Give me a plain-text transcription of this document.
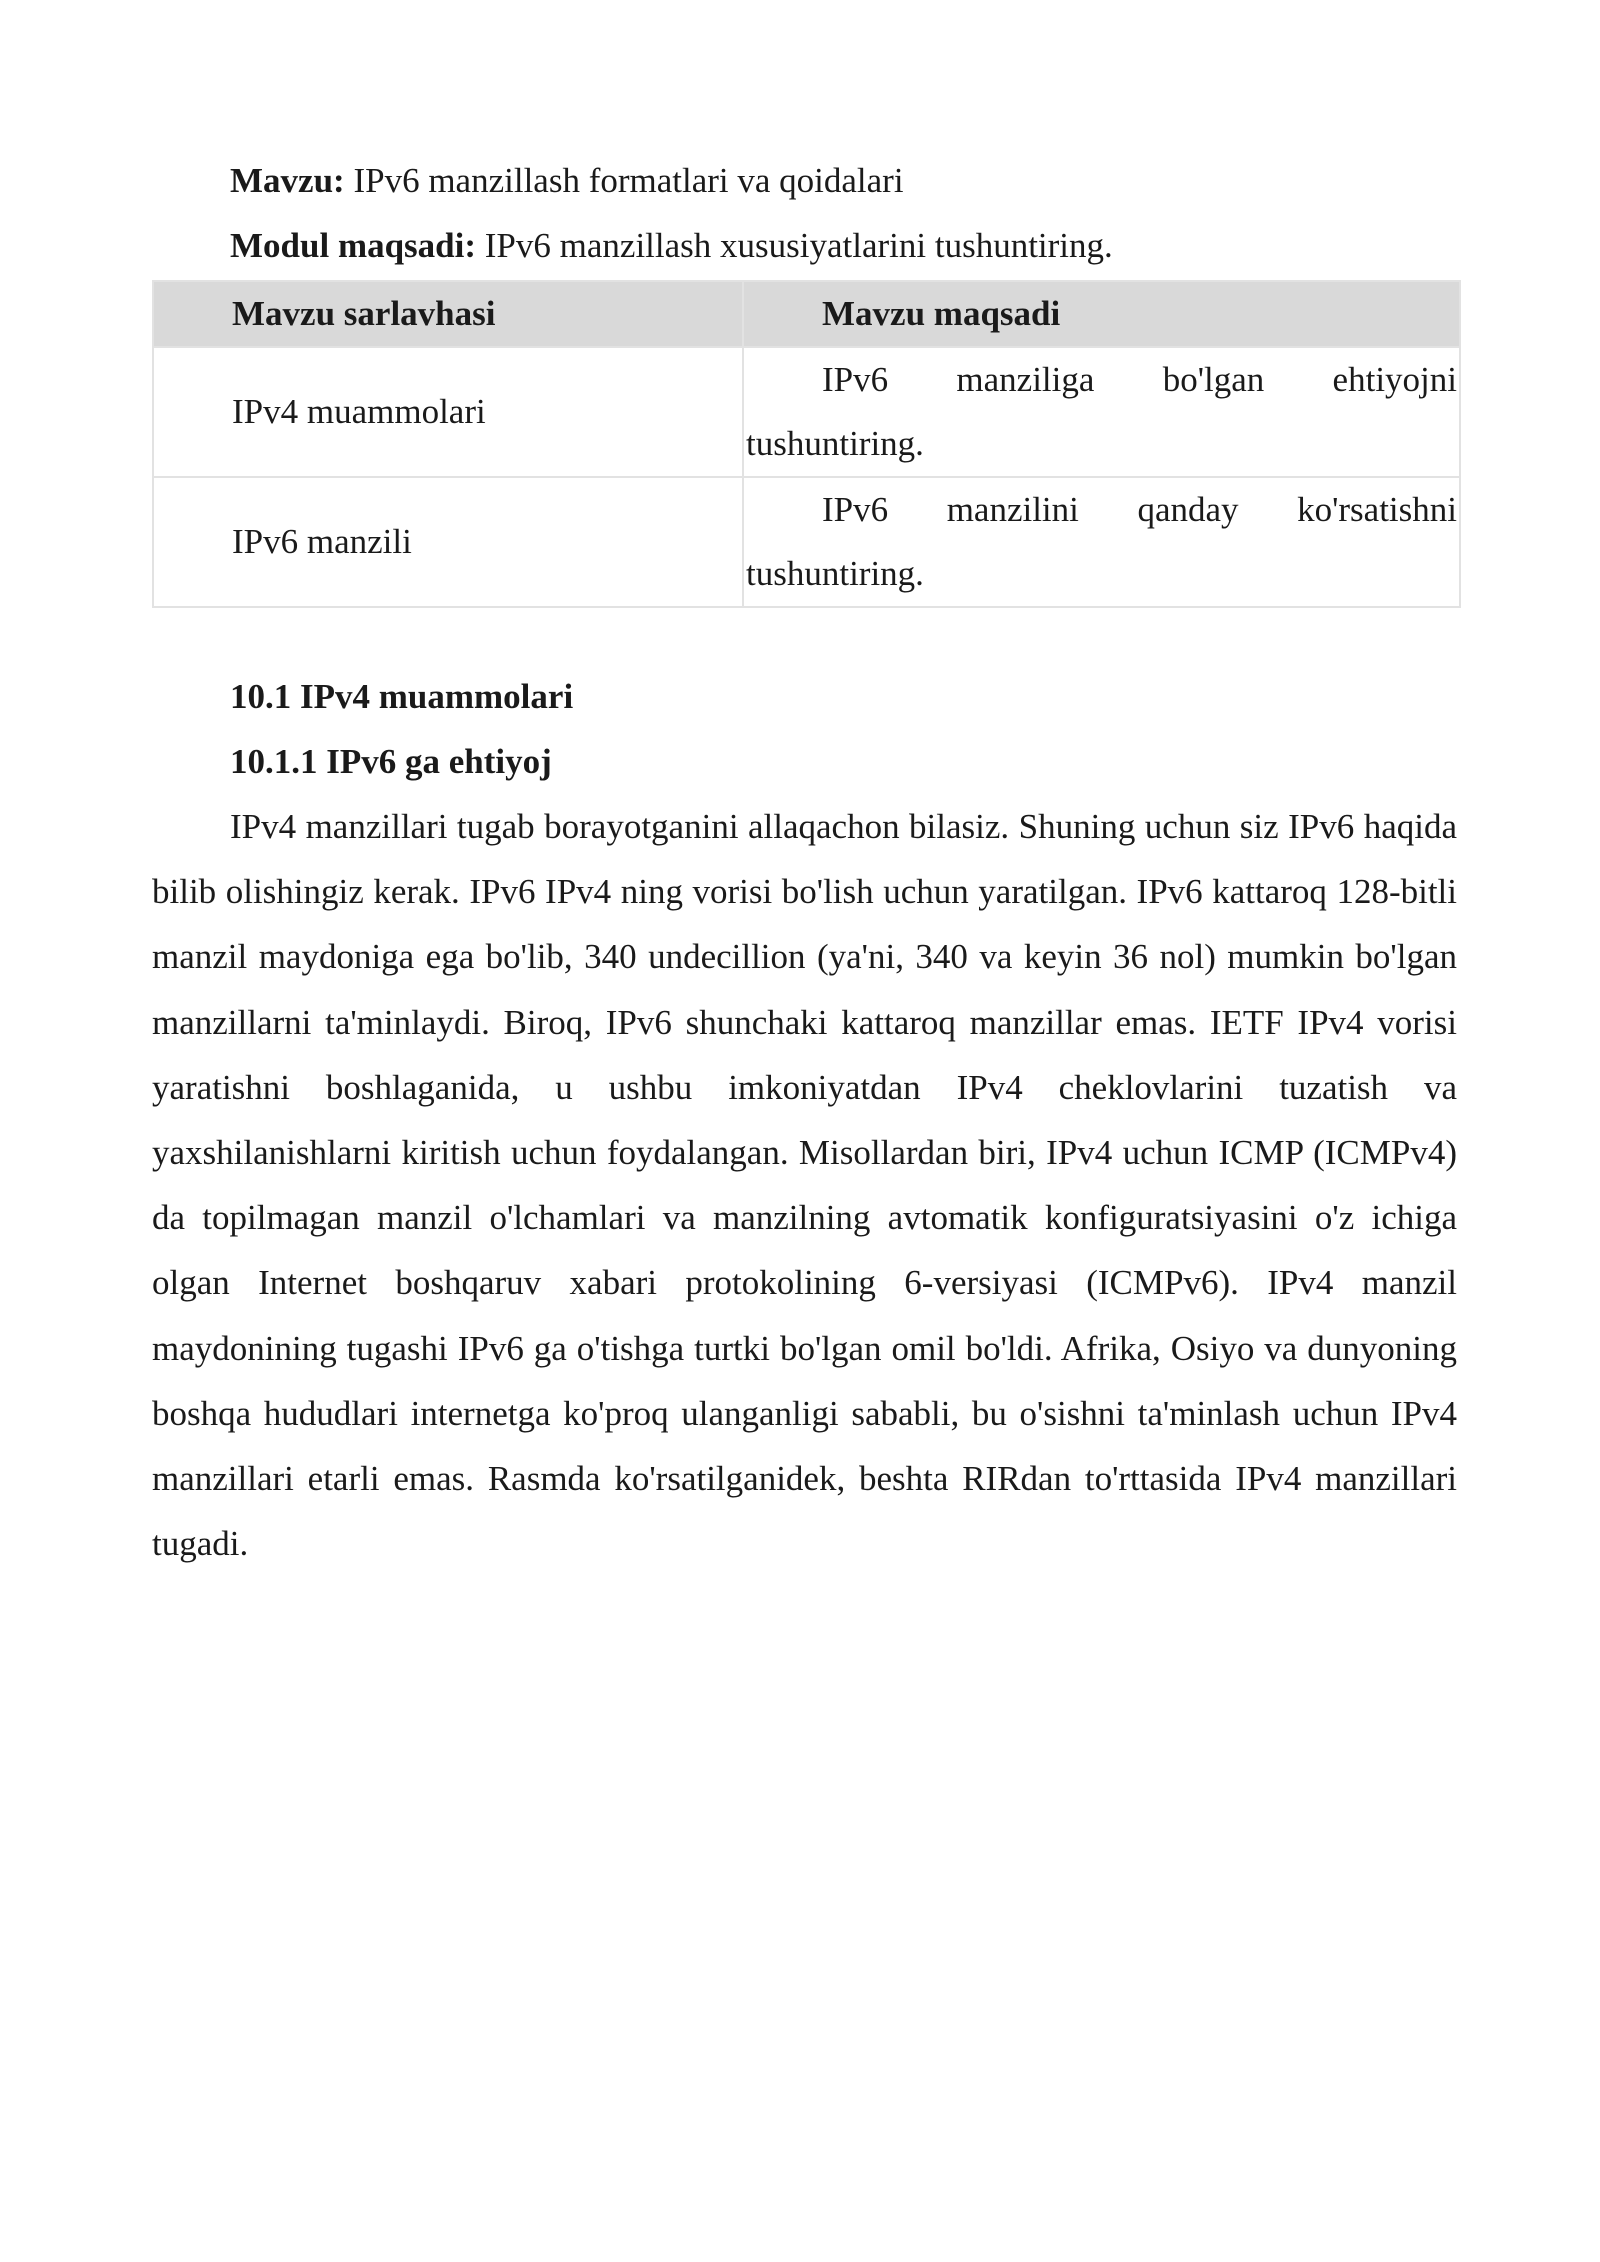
Mavzu: IPv6 manzillash formatlari va qoidalari
Modul maqsadi: IPv6 manzillash xususiyatlarini tushuntiring.
Mavzu sarlavhasi	Mavzu maqsadi
IPv4 muammolari	IPv6 manziliga bo'lgan ehtiyojni
tushuntiring.

IPv6 manzili	IPv6 manzilini qanday ko'rsatishni
tushuntiring.
10.1 IPv4 muammolari
10.1.1 IPv6 ga ehtiyoj

IPv4 manzillari tugab borayotganini allaqachon bilasiz. Shuning uchun siz IPv6 haqida bilib olishingiz kerak. IPv6 IPv4 ning vorisi bo'lish uchun yaratilgan. IPv6 kattaroq 128-bitli manzil maydoniga ega bo'lib, 340 undecillion (ya'ni, 340 va keyin 36 nol) mumkin bo'lgan manzillarni ta'minlaydi. Biroq, IPv6 shunchaki kattaroq manzillar emas. IETF IPv4 vorisi yaratishni boshlaganida, u ushbu imkoniyatdan IPv4 cheklovlarini tuzatish va yaxshilanishlarni kiritish uchun foydalangan. Misollardan biri, IPv4 uchun ICMP (ICMPv4) da topilmagan manzil o'lchamlari va manzilning avtomatik konfiguratsiyasini o'z ichiga olgan Internet boshqaruv xabari protokolining 6-versiyasi (ICMPv6). IPv4 manzil maydonining tugashi IPv6 ga o'tishga turtki bo'lgan omil bo'ldi. Afrika, Osiyo va dunyoning boshqa hududlari internetga ko'proq ulanganligi sababli, bu o'sishni ta'minlash uchun IPv4 manzillari etarli emas. Rasmda ko'rsatilganidek, beshta RIRdan to'rttasida IPv4 manzillari tugadi.
